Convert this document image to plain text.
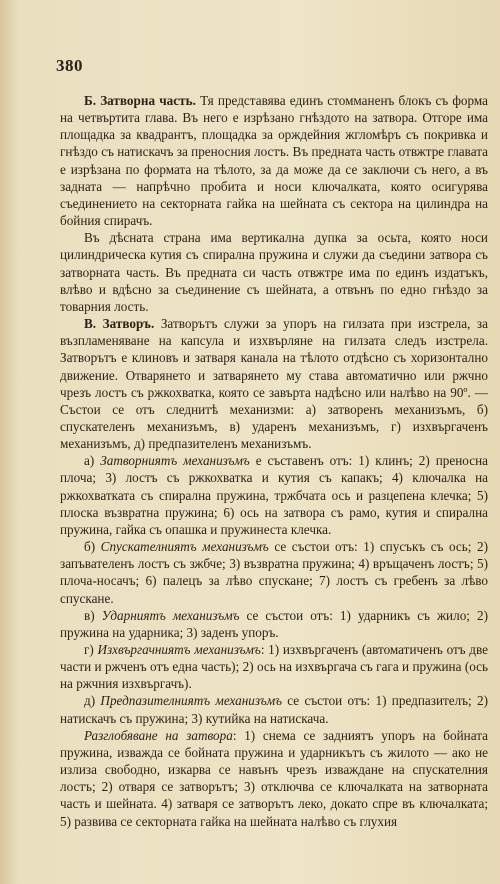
380

Б. Затворна часть. Тя представява единъ стомманенъ блокъ съ форма на четвъртита глава. Въ него е изрѣзано гнѣздото на затвора. Отгоре има площадка за квадрантъ, площадка за орждейния жгломѣръ съ покривка и гнѣздо съ натискачъ за преносния лостъ. Въ предната часть отвжтре главата е изрѣзана по формата на тѣлото, за да може да се заключи съ него, а въ задната — напрѣчно пробита и носи ключалката, която осигурява съединението на секторната гайка на шейната съ сектора на цилиндра на бойния спирачъ.

Въ дѣсната страна има вертикална дупка за осьта, която носи цилиндрическа кутия съ спирална пружина и служи да съедини затвора съ затворната часть. Въ предната си часть отвжтре има по единъ издатъкъ, влѣво и вдѣсно за съединение съ шейната, а отвънъ по едно гнѣздо за товарния лость.

В. Затворъ. Затворътъ служи за упоръ на гилзата при изстрела, за възпламеняване на капсула и изхвърляне на гилзата следъ изстрела. Затворътъ е клиновъ и затваря канала на тѣлото отдѣсно съ хоризонтално движение. Отварянето и затварянето му става автоматично или ржчно чрезъ лостъ съ ржкохватка, която се завърта надѣсно или налѣво на 90º. — Състои се отъ следнитѣ механизми: а) затворенъ механизъмъ, б) спускателенъ механизъмъ, в) ударенъ механизъмъ, г) изхвъргаченъ механизъмъ, д) предпазителенъ механизъмъ.

а) Затворниятъ механизъмъ е съставенъ отъ: 1) клинъ; 2) преносна плоча; 3) лостъ съ ржкохватка и кутия съ капакъ; 4) ключалка на ржкохватката съ спирална пружина, тржбчата ось и разцепена клечка; 5) плоска възвратна пружина; 6) ось на затвора съ рамо, кутия и спирална пружина, гайка съ опашка и пружинеста клечка.

б) Спускателниятъ механизъмъ се състои отъ: 1) спусъкъ съ ось; 2) запъвателенъ лостъ съ зжбче; 3) възвратна пружина; 4) връщаченъ лостъ; 5) плоча-носачъ; 6) палецъ за лѣво спускане; 7) лостъ съ гребенъ за лѣво спускане.

в) Ударниятъ механизъмъ се състои отъ: 1) ударникъ съ жило; 2) пружина на ударника; 3) заденъ упоръ.

г) Изхвъргачниятъ механизъмъ: 1) изхвъргаченъ (автоматиченъ отъ две части и ржченъ отъ една часть); 2) ось на изхвъргача съ гага и пружина (ось на ржчния изхвъргачъ).

д) Предпазителниятъ механизъмъ се състои отъ: 1) предпазителъ; 2) натискачъ съ пружина; 3) кутийка на натискача.

Разглобяване на затвора: 1) снема се задниятъ упоръ на бойната пружина, изважда се бойната пружина и ударникътъ съ жилото — ако не излиза свободно, изкарва се навънъ чрезъ изваждане на спускателния лостъ; 2) отваря се затворътъ; 3) отключва се ключалката на затворната часть и шейната. 4) затваря се затворътъ леко, докато спре въ ключалката; 5) развива се секторната гайка на шейната налѣво съ глухия
